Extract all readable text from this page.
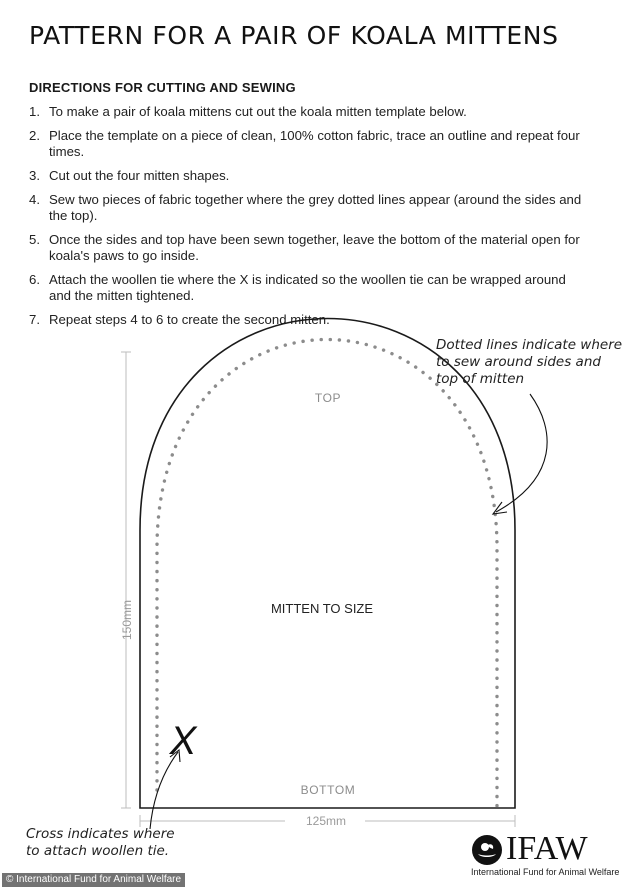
PATTERN FOR A PAIR OF KOALA MITTENS
DIRECTIONS FOR CUTTING AND SEWING
1. To make a pair of koala mittens cut out the koala mitten template below.
2. Place the template on a piece of clean, 100% cotton fabric, trace an outline and repeat four times.
3. Cut out the four mitten shapes.
4. Sew two pieces of fabric together where the grey dotted lines appear (around the sides and the top).
5. Once the sides and top have been sewn together, leave the bottom of the material open for koala's paws to go inside.
6. Attach the woollen tie where the X is indicated so the woollen tie can be wrapped around and the mitten tightened.
7. Repeat steps 4 to 6 to create the second mitten.
150mm
125mm
TOP
MITTEN TO SIZE
BOTTOM
X

Dotted lines indicate where to sew around sides and top of mitten

Cross indicates where to attach woollen tie.	IFAW
International Fund for Animal Welfare
© International Fund for Animal Welfare
